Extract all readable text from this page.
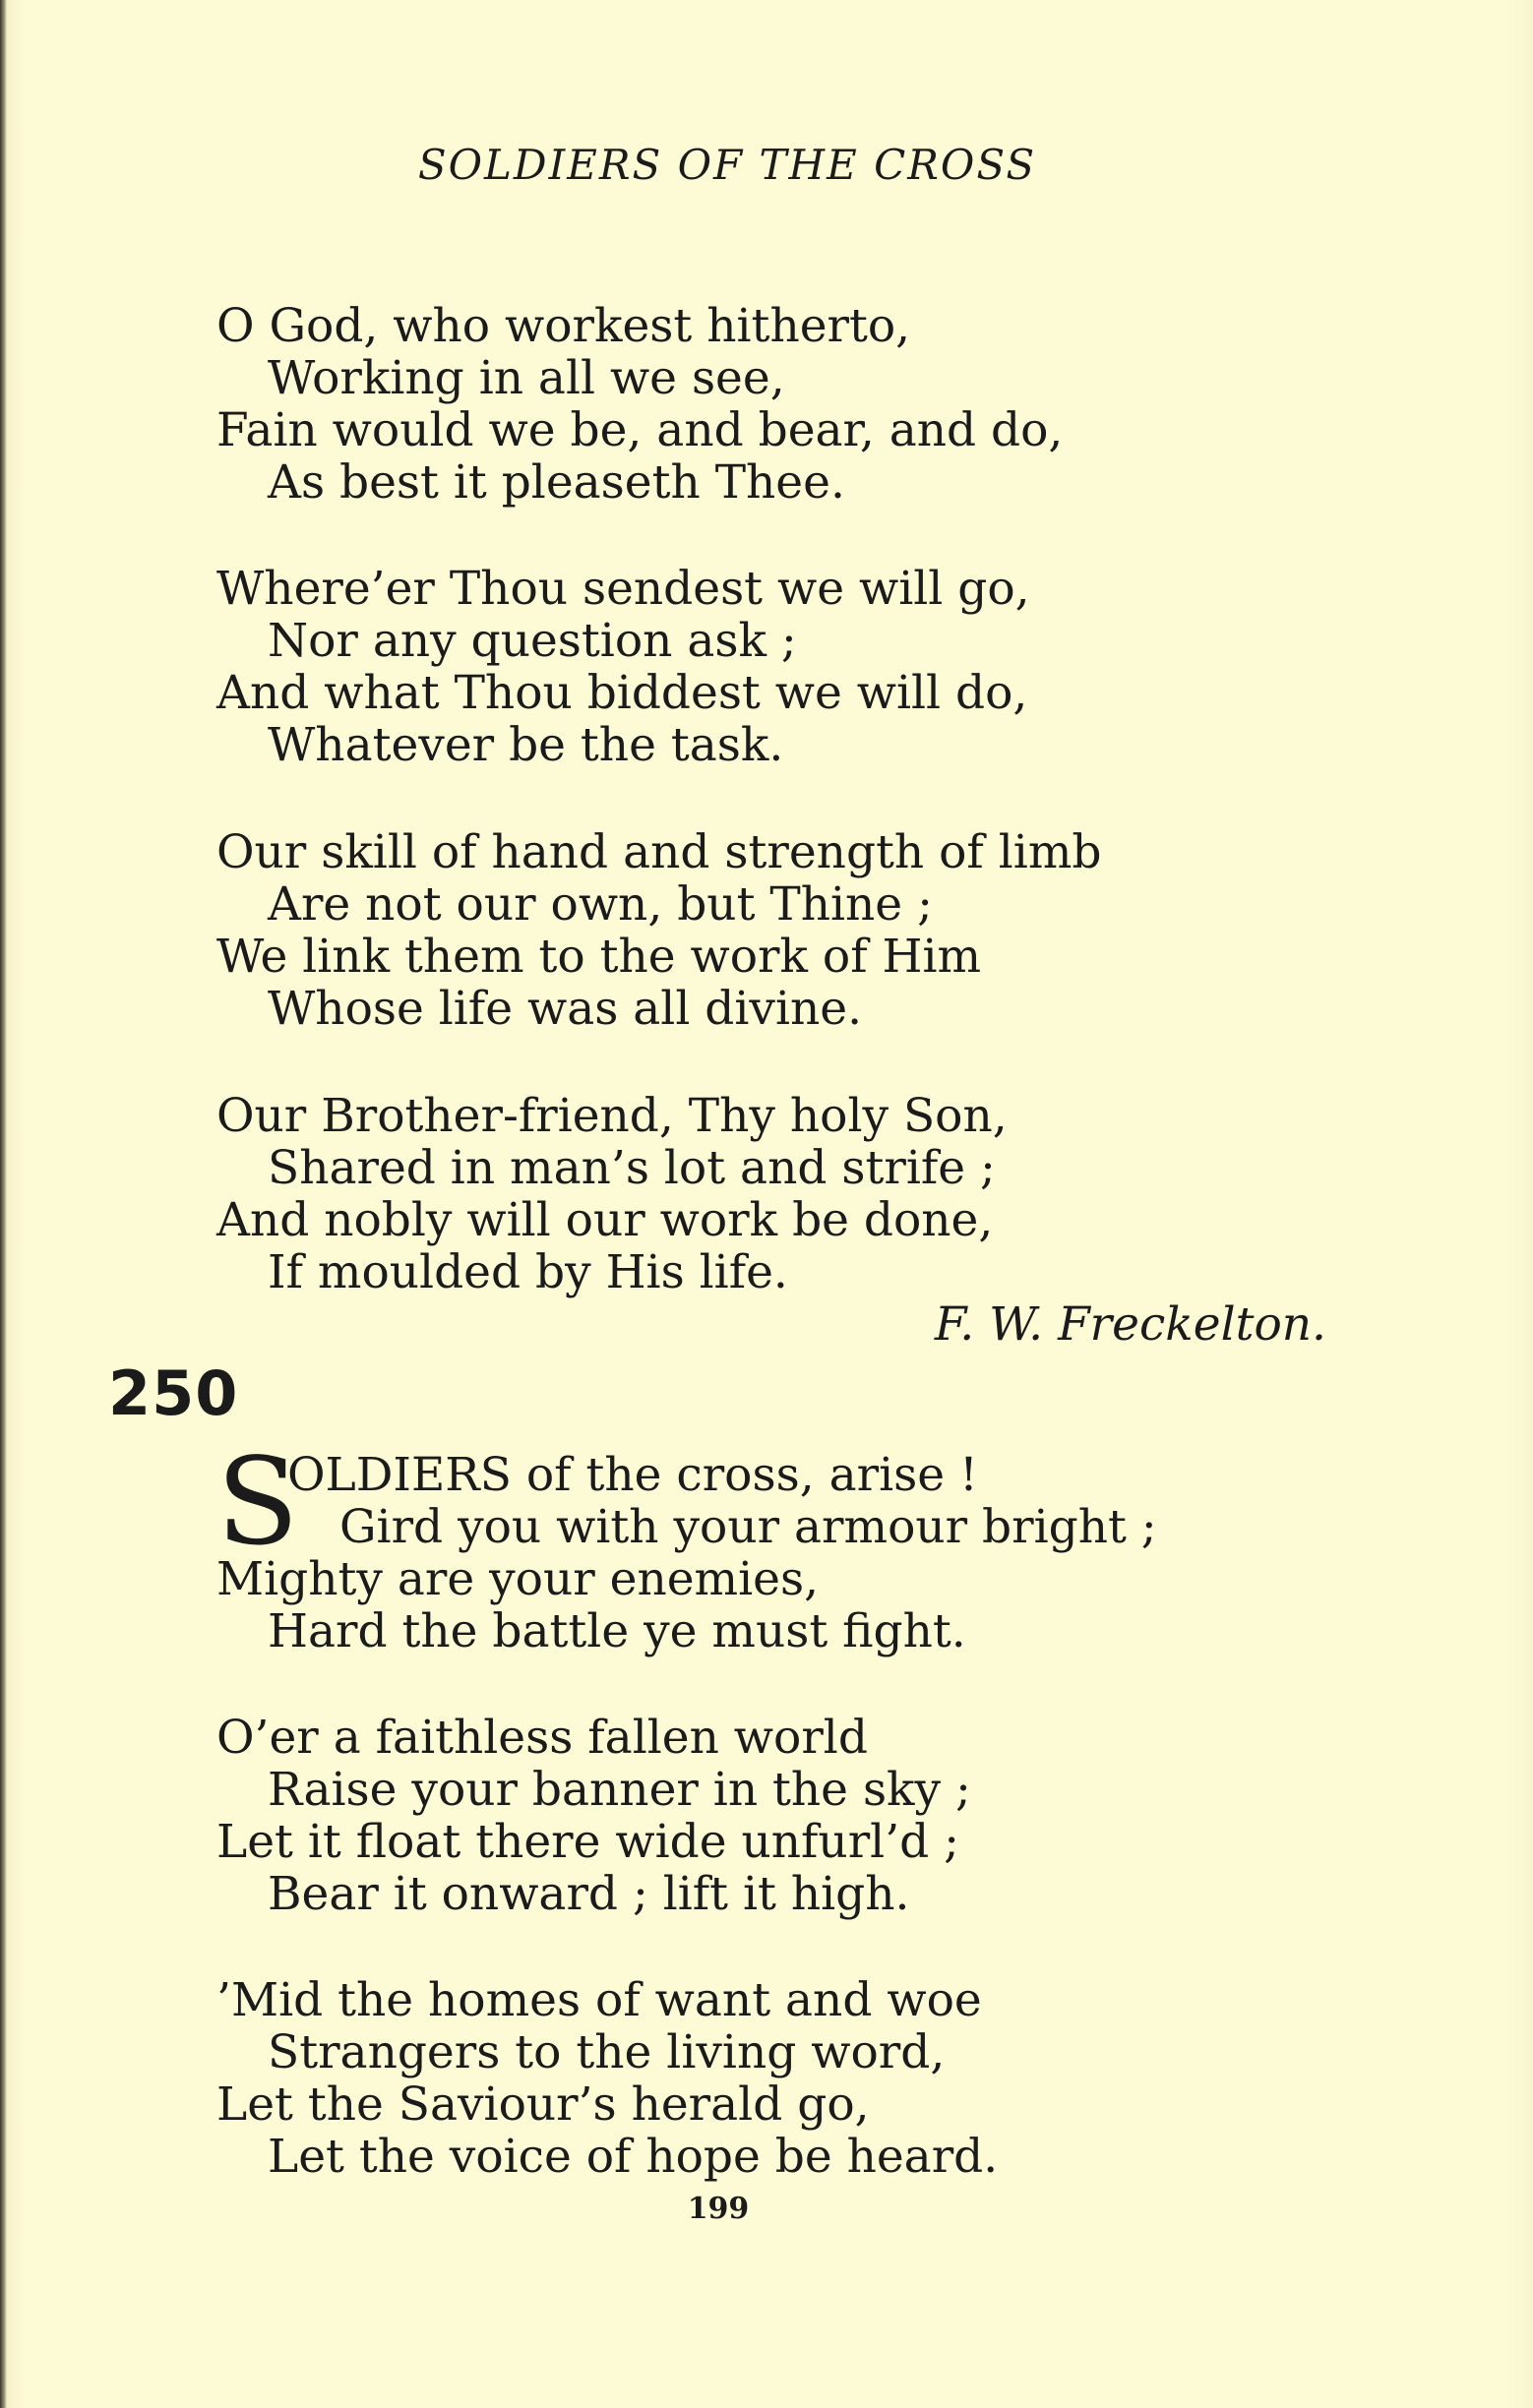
SOLDIERS OF THE CROSS
O God, who workest hitherto,
Working in all we see,
Fain would we be, and bear, and do,
As best it pleaseth Thee.
Where’er Thou sendest we will go,
Nor any question ask ;
And what Thou biddest we will do,
Whatever be the task.
Our skill of hand and strength of limb
Are not our own, but Thine ;
We link them to the work of Him
Whose life was all divine.
Our Brother-friend, Thy holy Son,
Shared in man’s lot and strife ;
And nobly will our work be done,
If moulded by His life.
F. W. Freckelton.
250
S
OLDIERS of the cross, arise !
Gird you with your armour bright ;
Mighty are your enemies,
Hard the battle ye must fight.
O’er a faithless fallen world
Raise your banner in the sky ;
Let it float there wide unfurl’d ;
Bear it onward ; lift it high.
’Mid the homes of want and woe
Strangers to the living word,
Let the Saviour’s herald go,
Let the voice of hope be heard.
199
